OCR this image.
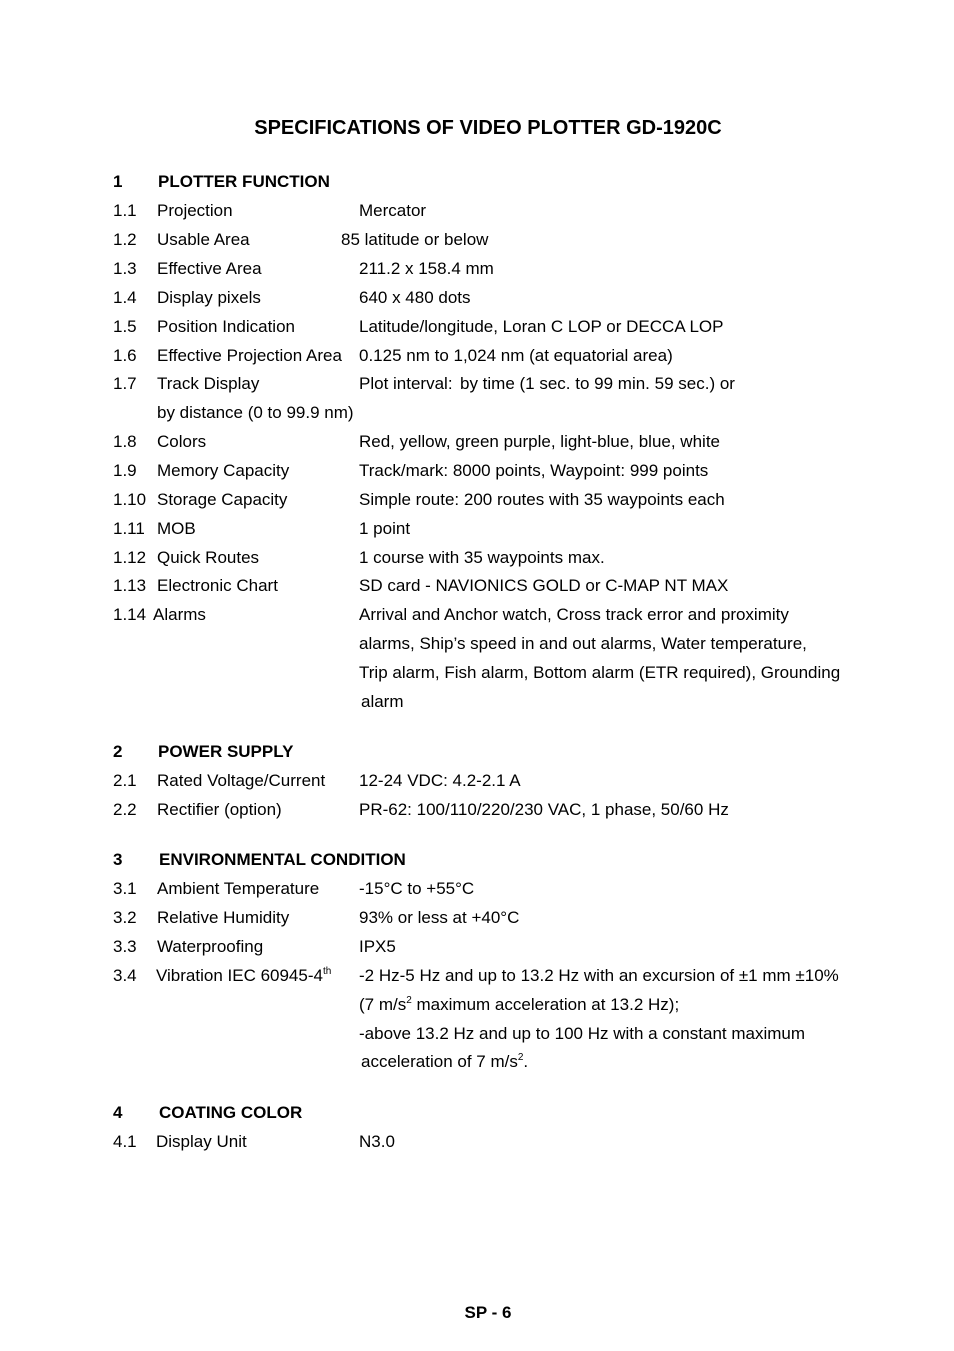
SPECIFICATIONS OF VIDEO PLOTTER GD-1920C
1 PLOTTER FUNCTION
1.1 Projection	Mercator
1.2 Usable Area	85 latitude or below
1.3 Effective Area	211.2 x 158.4 mm
1.4 Display pixels	640 x 480 dots
1.5 Position Indication	Latitude/longitude, Loran C LOP or DECCA LOP
1.6 Effective Projection Area 0.125 nm to 1,024 nm (at equatorial area)
1.7 Track Display	Plot interval: by time (1 sec. to 99 min. 59 sec.) or
by distance (0 to 99.9 nm)
1.8 Colors	Red, yellow, green purple, light-blue, blue, white
1.9 Memory Capacity	Track/mark: 8000 points, Waypoint: 999 points
1.10 Storage Capacity	Simple route: 200 routes with 35 waypoints each
1.11 MOB	1 point
1.12 Quick Routes	1 course with 35 waypoints max.
1.13 Electronic Chart	SD card - NAVIONICS GOLD or C-MAP NT MAX
1.14 Alarms	Arrival and Anchor watch, Cross track error and proximity
alarms, Ship’s speed in and out alarms, Water temperature,
Trip alarm, Fish alarm, Bottom alarm (ETR required), Grounding
alarm
2 POWER SUPPLY
2.1 Rated Voltage/Current 12-24 VDC: 4.2-2.1 A
2.2 Rectifier (option)	PR-62: 100/110/220/230 VAC, 1 phase, 50/60 Hz
3 ENVIRONMENTAL CONDITION
3.1 Ambient Temperature -15°C to +55°C
3.2 Relative Humidity	93% or less at +40°C
3.3 Waterproofing	IPX5
3.4 Vibration IEC 60945-4th -2 Hz-5 Hz and up to 13.2 Hz with an excursion of ±1 mm ±10%
(7 $m/s^2$ maximum acceleration at 13.2 Hz);
-above 13.2 Hz and up to 100 Hz with a constant maximum
acceleration of 7 $m/s^2$.
4 COATING COLOR
4.1 Display Unit	N3.0
SP - 6
